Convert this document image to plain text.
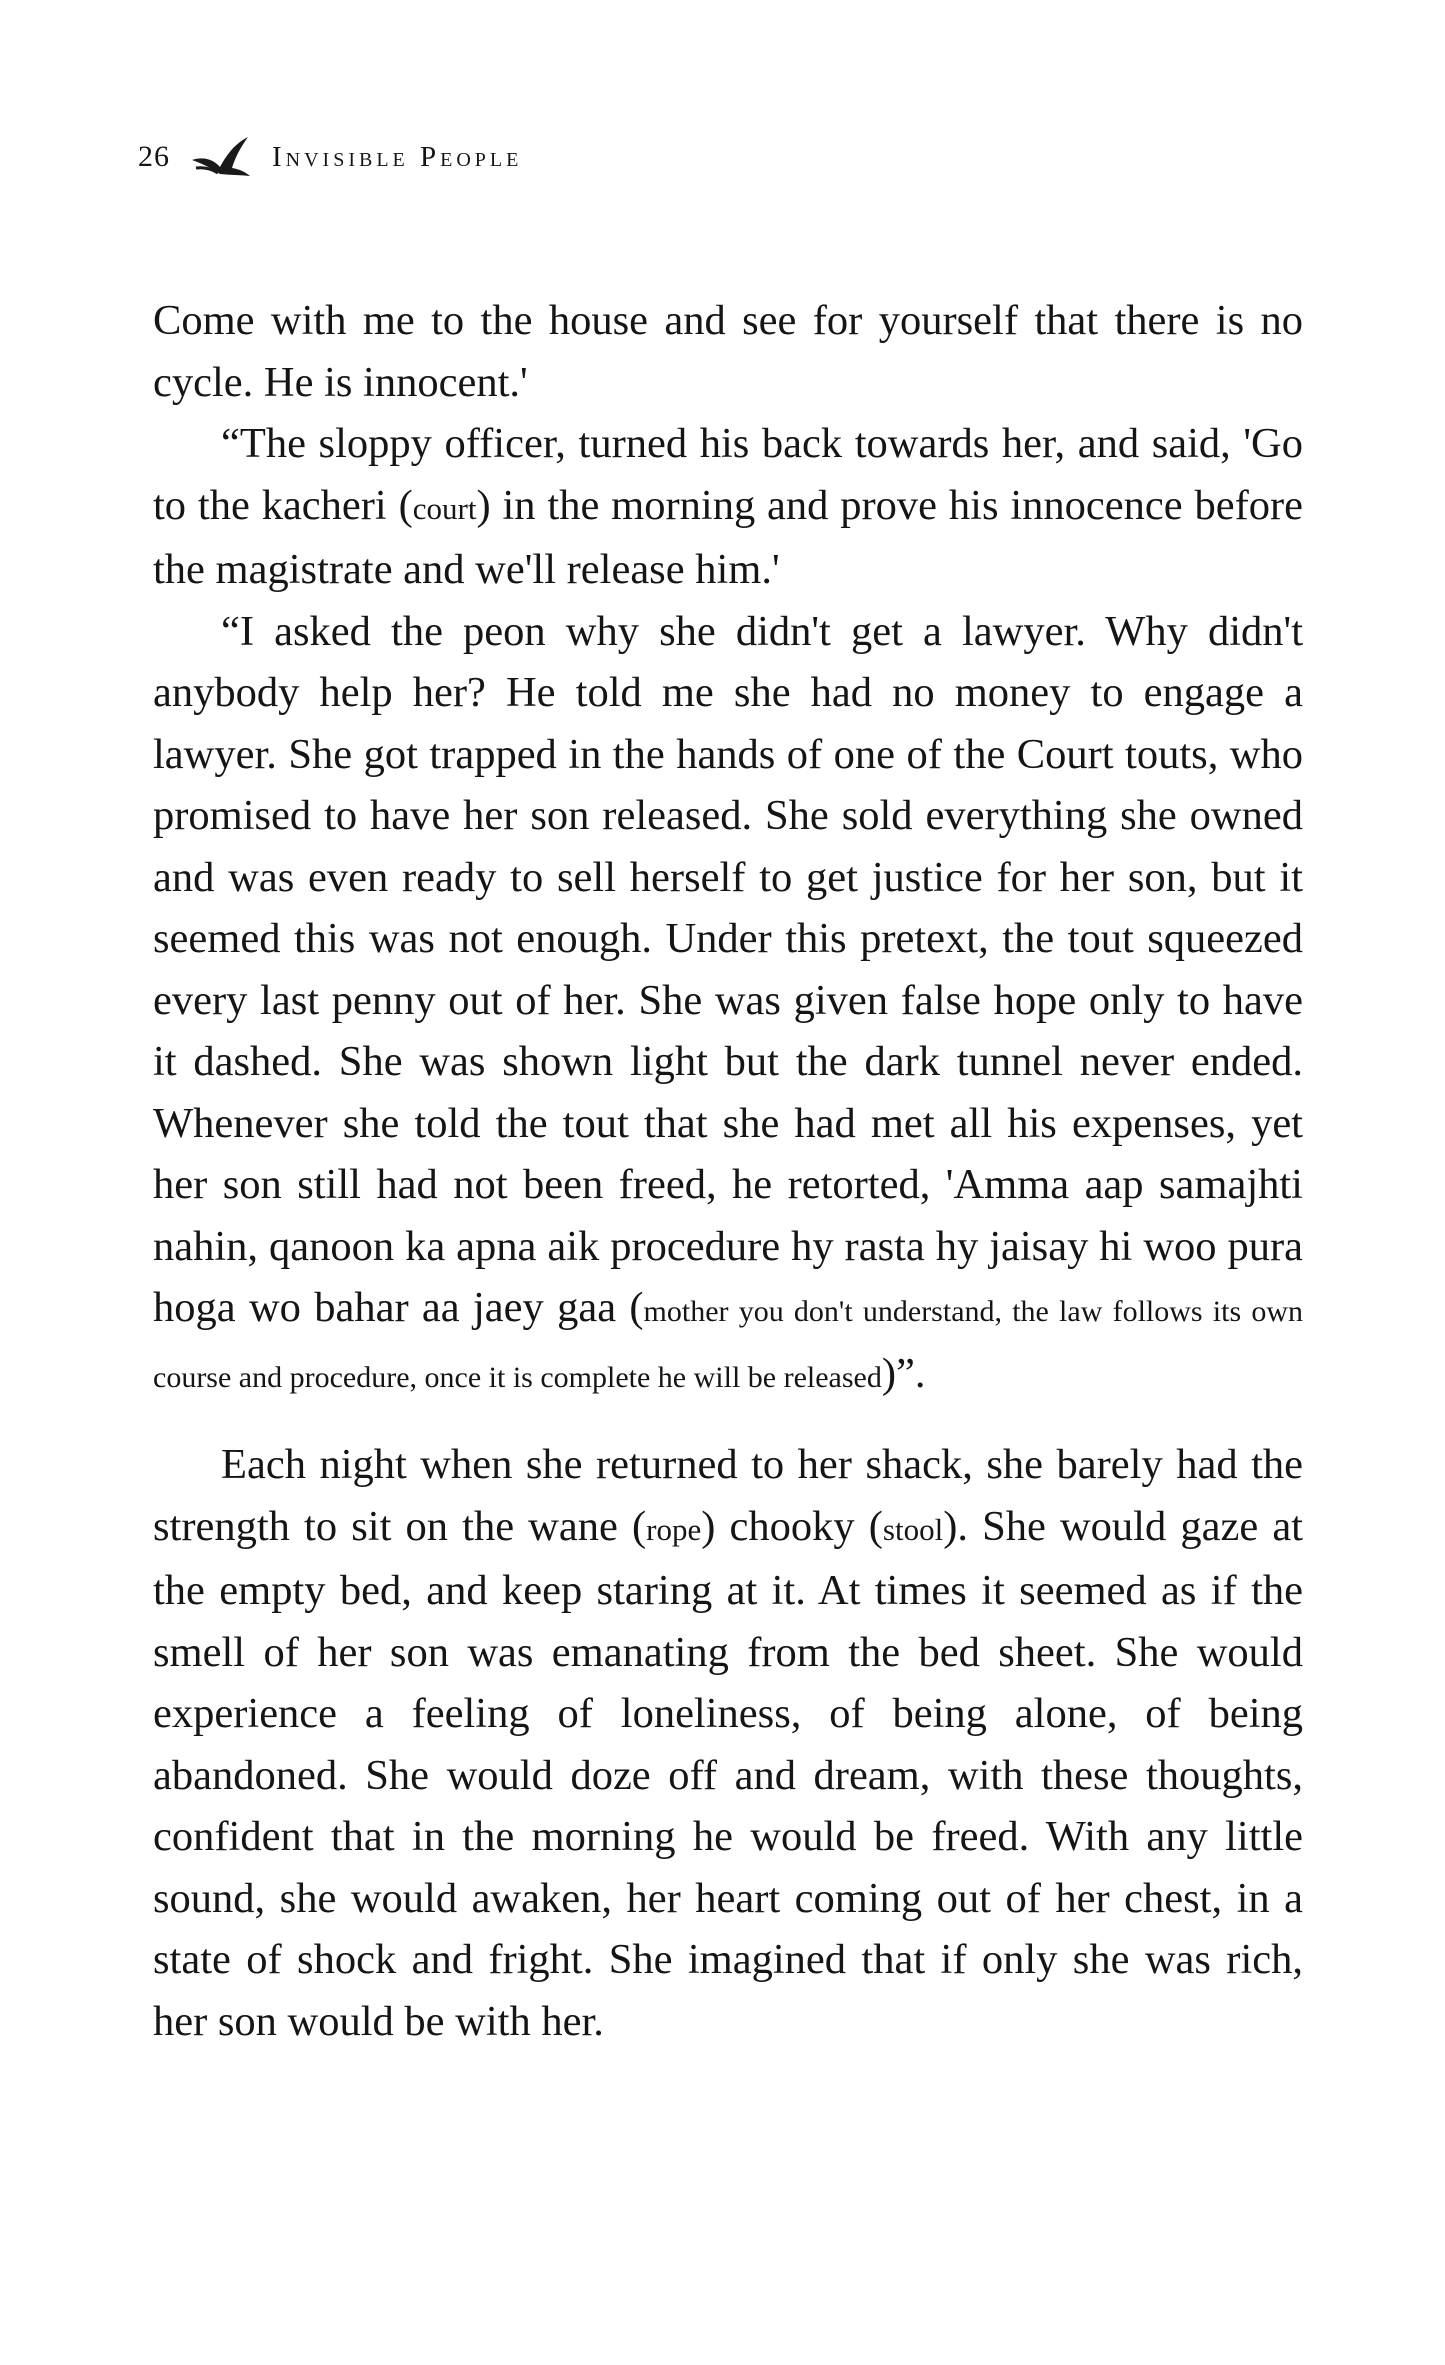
26	Invisible People

Come with me to the house and see for yourself that there is no cycle. He is innocent.'

“The sloppy officer, turned his back towards her, and said, 'Go to the kacheri (court) in the morning and prove his innocence before the magistrate and we'll release him.'

“I asked the peon why she didn't get a lawyer. Why didn't anybody help her? He told me she had no money to engage a lawyer. She got trapped in the hands of one of the Court touts, who promised to have her son released. She sold everything she owned and was even ready to sell herself to get justice for her son, but it seemed this was not enough. Under this pretext, the tout squeezed every last penny out of her. She was given false hope only to have it dashed. She was shown light but the dark tunnel never ended. Whenever she told the tout that she had met all his expenses, yet her son still had not been freed, he retorted, 'Amma aap samajhti nahin, qanoon ka apna aik procedure hy rasta hy jaisay hi woo pura hoga wo bahar aa jaey gaa (mother you don't understand, the law follows its own course and procedure, once it is complete he will be released)”.

Each night when she returned to her shack, she barely had the strength to sit on the wane (rope) chooky (stool). She would gaze at the empty bed, and keep staring at it. At times it seemed as if the smell of her son was emanating from the bed sheet. She would experience a feeling of loneliness, of being alone, of being abandoned. She would doze off and dream, with these thoughts, confident that in the morning he would be freed. With any little sound, she would awaken, her heart coming out of her chest, in a state of shock and fright. She imagined that if only she was rich, her son would be with her.
